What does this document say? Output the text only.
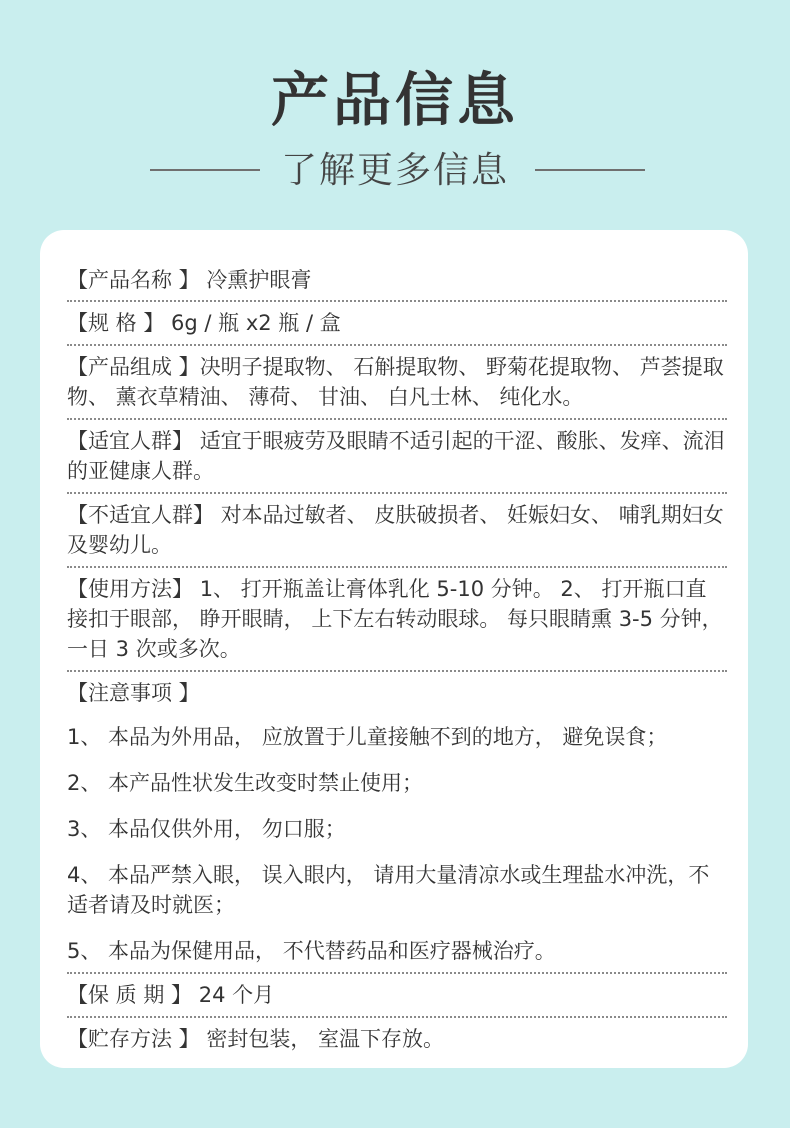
产品信息
了解更多信息

【产品名称 】 冷熏护眼膏

【规 格 】 6g / 瓶 x2 瓶 / 盒

【产品组成 】决明子提取物、 石斛提取物、 野菊花提取物、 芦荟提取物、 薰衣草精油、 薄荷、 甘油、 白凡士林、 纯化水。

【适宜人群】 适宜于眼疲劳及眼睛不适引起的干涩、酸胀、发痒、流泪的亚健康人群。

【不适宜人群】 对本品过敏者、 皮肤破损者、 妊娠妇女、 哺乳期妇女及婴幼儿。

【使用方法】 1、 打开瓶盖让膏体乳化 5-10 分钟。 2、 打开瓶口直接扣于眼部， 睁开眼睛， 上下左右转动眼球。 每只眼睛熏 3-5 分钟， 一日 3 次或多次。

【注意事项 】

1、 本品为外用品， 应放置于儿童接触不到的地方， 避免误食；

2、 本产品性状发生改变时禁止使用；

3、 本品仅供外用， 勿口服；

4、 本品严禁入眼， 误入眼内， 请用大量清凉水或生理盐水冲洗，不适者请及时就医；

5、 本品为保健用品， 不代替药品和医疗器械治疗。

【保 质 期 】 24 个月

【贮存方法 】 密封包装， 室温下存放。
